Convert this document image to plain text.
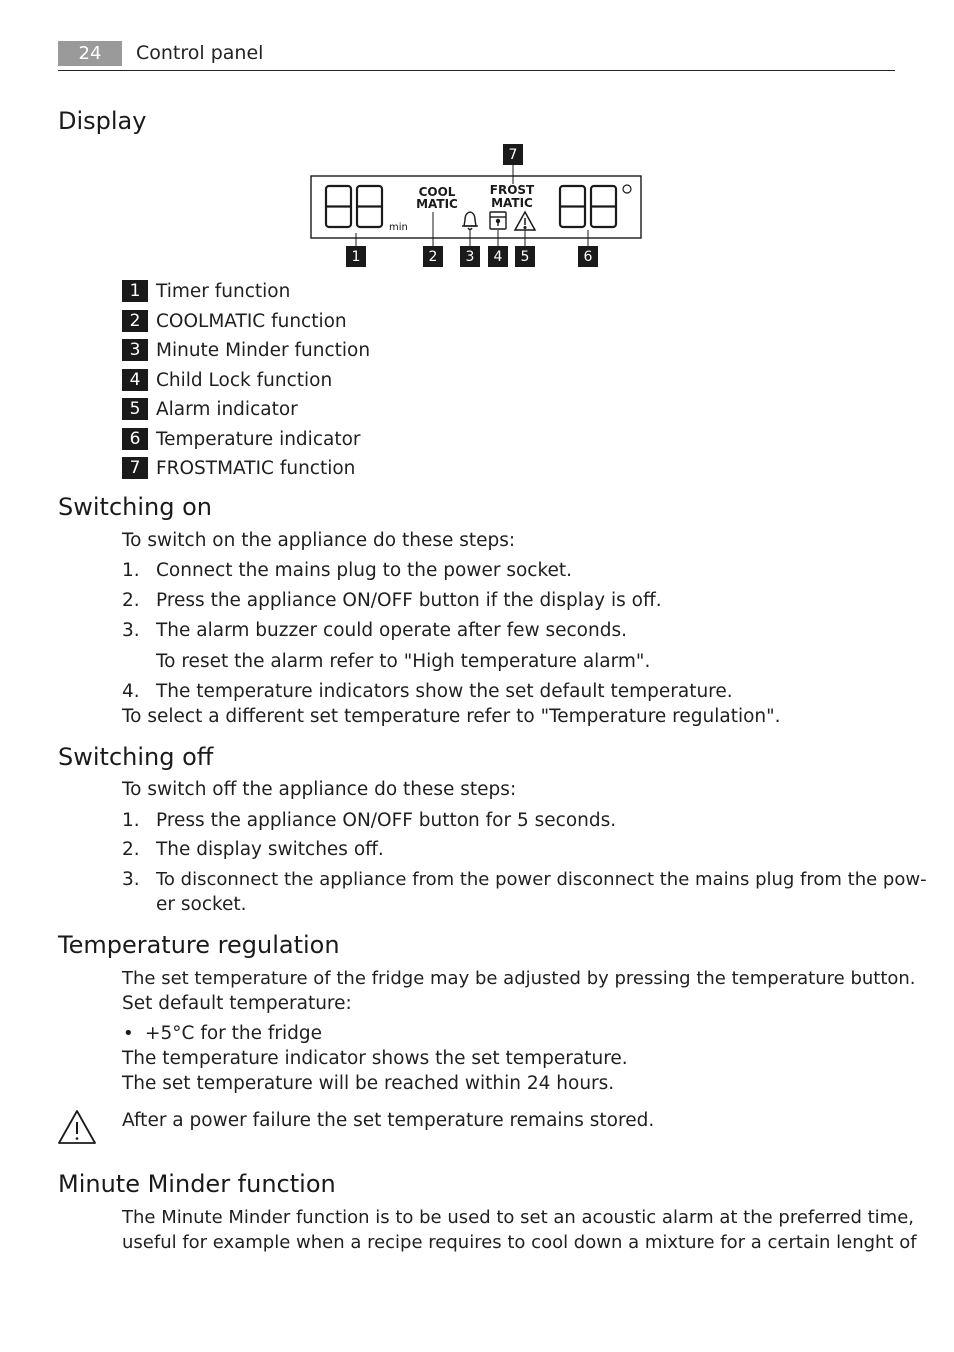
24	Control panel
Display
min
COOL
MATIC
FROST
MATIC
7
1	2	3	4	5	6
1 Timer function
2 COOLMATIC function
3 Minute Minder function
4 Child Lock function
5 Alarm indicator
6 Temperature indicator
7 FROSTMATIC function
Switching on
To switch on the appliance do these steps:
1. Connect the mains plug to the power socket.
2. Press the appliance ON/OFF button if the display is off.
3. The alarm buzzer could operate after few seconds.
To reset the alarm refer to "High temperature alarm".
4. The temperature indicators show the set default temperature.
To select a different set temperature refer to "Temperature regulation".
Switching off
To switch off the appliance do these steps:
1. Press the appliance ON/OFF button for 5 seconds.
2. The display switches off.
3. To disconnect the appliance from the power disconnect the mains plug from the pow-
er socket.
Temperature regulation
The set temperature of the fridge may be adjusted by pressing the temperature button.
Set default temperature:
• +5°C for the fridge
The temperature indicator shows the set temperature.
The set temperature will be reached within 24 hours.
After a power failure the set temperature remains stored.
Minute Minder function
The Minute Minder function is to be used to set an acoustic alarm at the preferred time,
useful for example when a recipe requires to cool down a mixture for a certain lenght of
